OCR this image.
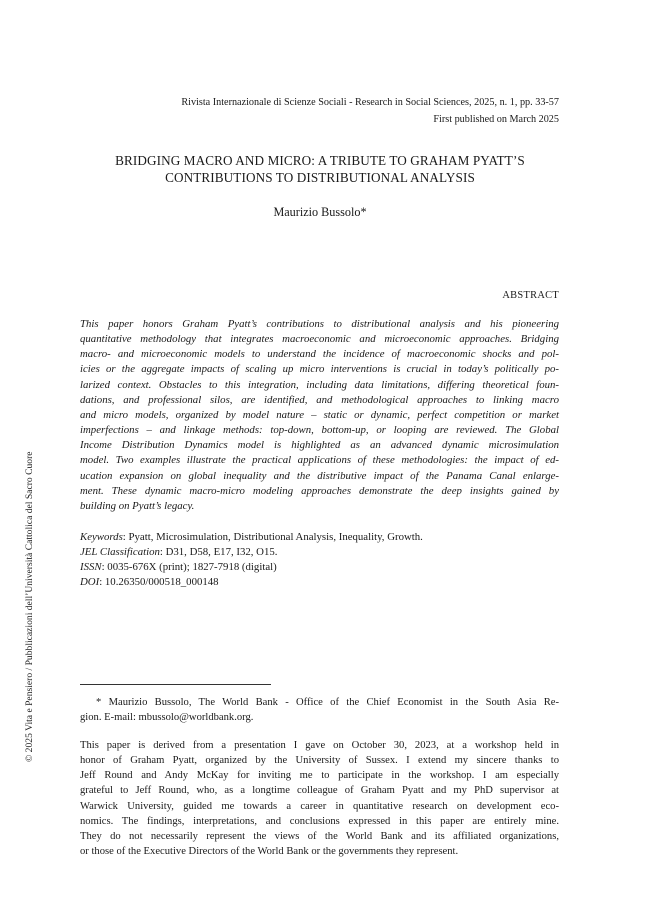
© 2025 Vita e Pensiero / Pubblicazioni dell’Università Cattolica del Sacro Cuore
Rivista Internazionale di Scienze Sociali - Research in Social Sciences, 2025, n. 1, pp. 33-57
First published on March 2025
BRIDGING MACRO AND MICRO: A TRIBUTE TO GRAHAM PYATT’S
CONTRIBUTIONS TO DISTRIBUTIONAL ANALYSIS
Maurizio Bussolo*
ABSTRACT
This paper honors Graham Pyatt’s contributions to distributional analysis and his pioneering
quantitative methodology that integrates macroeconomic and microeconomic approaches. Bridging
macro- and microeconomic models to understand the incidence of macroeconomic shocks and pol-
icies or the aggregate impacts of scaling up micro interventions is crucial in today’s politically po-
larized context. Obstacles to this integration, including data limitations, differing theoretical foun-
dations, and professional silos, are identified, and methodological approaches to linking macro
and micro models, organized by model nature – static or dynamic, perfect competition or market
imperfections – and linkage methods: top-down, bottom-up, or looping are reviewed. The Global
Income Distribution Dynamics model is highlighted as an advanced dynamic microsimulation
model. Two examples illustrate the practical applications of these methodologies: the impact of ed-
ucation expansion on global inequality and the distributive impact of the Panama Canal enlarge-
ment. These dynamic macro-micro modeling approaches demonstrate the deep insights gained by
building on Pyatt’s legacy.
Keywords: Pyatt, Microsimulation, Distributional Analysis, Inequality, Growth.
JEL Classification: D31, D58, E17, I32, O15.
ISSN: 0035-676X (print); 1827-7918 (digital)
DOI: 10.26350/000518_000148
* Maurizio Bussolo, The World Bank - Office of the Chief Economist in the South Asia Re-
gion. E-mail: mbussolo@worldbank.org.
This paper is derived from a presentation I gave on October 30, 2023, at a workshop held in
honor of Graham Pyatt, organized by the University of Sussex. I extend my sincere thanks to
Jeff Round and Andy McKay for inviting me to participate in the workshop. I am especially
grateful to Jeff Round, who, as a longtime colleague of Graham Pyatt and my PhD supervisor at
Warwick University, guided me towards a career in quantitative research on development eco-
nomics. The findings, interpretations, and conclusions expressed in this paper are entirely mine.
They do not necessarily represent the views of the World Bank and its affiliated organizations,
or those of the Executive Directors of the World Bank or the governments they represent.
